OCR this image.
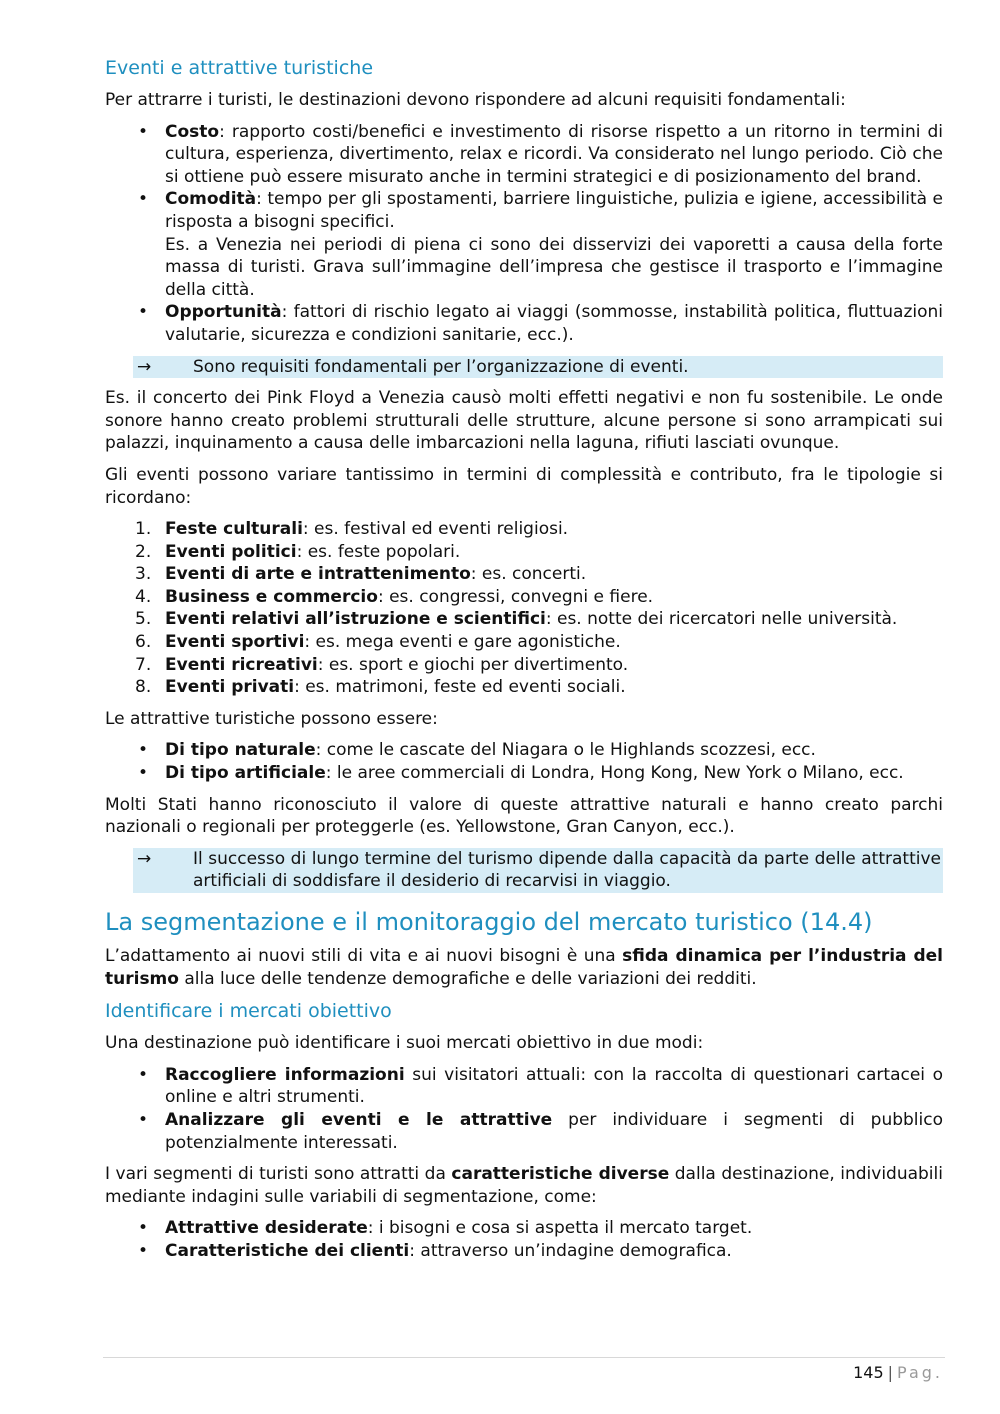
Eventi e attrattive turistiche

Per attrarre i turisti, le destinazioni devono rispondere ad alcuni requisiti fondamentali:

• Costo: rapporto costi/benefici e investimento di risorse rispetto a un ritorno in termini di cultura, esperienza, divertimento, relax e ricordi. Va considerato nel lungo periodo. Ciò che si ottiene può essere misurato anche in termini strategici e di posizionamento del brand.
• Comodità: tempo per gli spostamenti, barriere linguistiche, pulizia e igiene, accessibilità e risposta a bisogni specifici.
Es. a Venezia nei periodi di piena ci sono dei disservizi dei vaporetti a causa della forte massa di turisti. Grava sull’immagine dell’impresa che gestisce il trasporto e l’immagine della città.
• Opportunità: fattori di rischio legato ai viaggi (sommosse, instabilità politica, fluttuazioni valutarie, sicurezza e condizioni sanitarie, ecc.).
→ Sono requisiti fondamentali per l’organizzazione di eventi.

Es. il concerto dei Pink Floyd a Venezia causò molti effetti negativi e non fu sostenibile. Le onde sonore hanno creato problemi strutturali delle strutture, alcune persone si sono arrampicati sui palazzi, inquinamento a causa delle imbarcazioni nella laguna, rifiuti lasciati ovunque.

Gli eventi possono variare tantissimo in termini di complessità e contributo, fra le tipologie si ricordano:

1. Feste culturali: es. festival ed eventi religiosi.
2. Eventi politici: es. feste popolari.
3. Eventi di arte e intrattenimento: es. concerti.
4. Business e commercio: es. congressi, convegni e fiere.
5. Eventi relativi all’istruzione e scientifici: es. notte dei ricercatori nelle università.
6. Eventi sportivi: es. mega eventi e gare agonistiche.
7. Eventi ricreativi: es. sport e giochi per divertimento.
8. Eventi privati: es. matrimoni, feste ed eventi sociali.

Le attrattive turistiche possono essere:

• Di tipo naturale: come le cascate del Niagara o le Highlands scozzesi, ecc.
• Di tipo artificiale: le aree commerciali di Londra, Hong Kong, New York o Milano, ecc.

Molti Stati hanno riconosciuto il valore di queste attrattive naturali e hanno creato parchi nazionali o regionali per proteggerle (es. Yellowstone, Gran Canyon, ecc.).

→ Il successo di lungo termine del turismo dipende dalla capacità da parte delle attrattive artificiali di soddisfare il desiderio di recarvisi in viaggio.
La segmentazione e il monitoraggio del mercato turistico (14.4)

L’adattamento ai nuovi stili di vita e ai nuovi bisogni è una sfida dinamica per l’industria del turismo alla luce delle tendenze demografiche e delle variazioni dei redditi.

Identificare i mercati obiettivo

Una destinazione può identificare i suoi mercati obiettivo in due modi:

• Raccogliere informazioni sui visitatori attuali: con la raccolta di questionari cartacei o online e altri strumenti.
• Analizzare gli eventi e le attrattive per individuare i segmenti di pubblico potenzialmente interessati.

I vari segmenti di turisti sono attratti da caratteristiche diverse dalla destinazione, individuabili mediante indagini sulle variabili di segmentazione, come:

• Attrattive desiderate: i bisogni e cosa si aspetta il mercato target.
• Caratteristiche dei clienti: attraverso un’indagine demografica.
145 | Pag.
